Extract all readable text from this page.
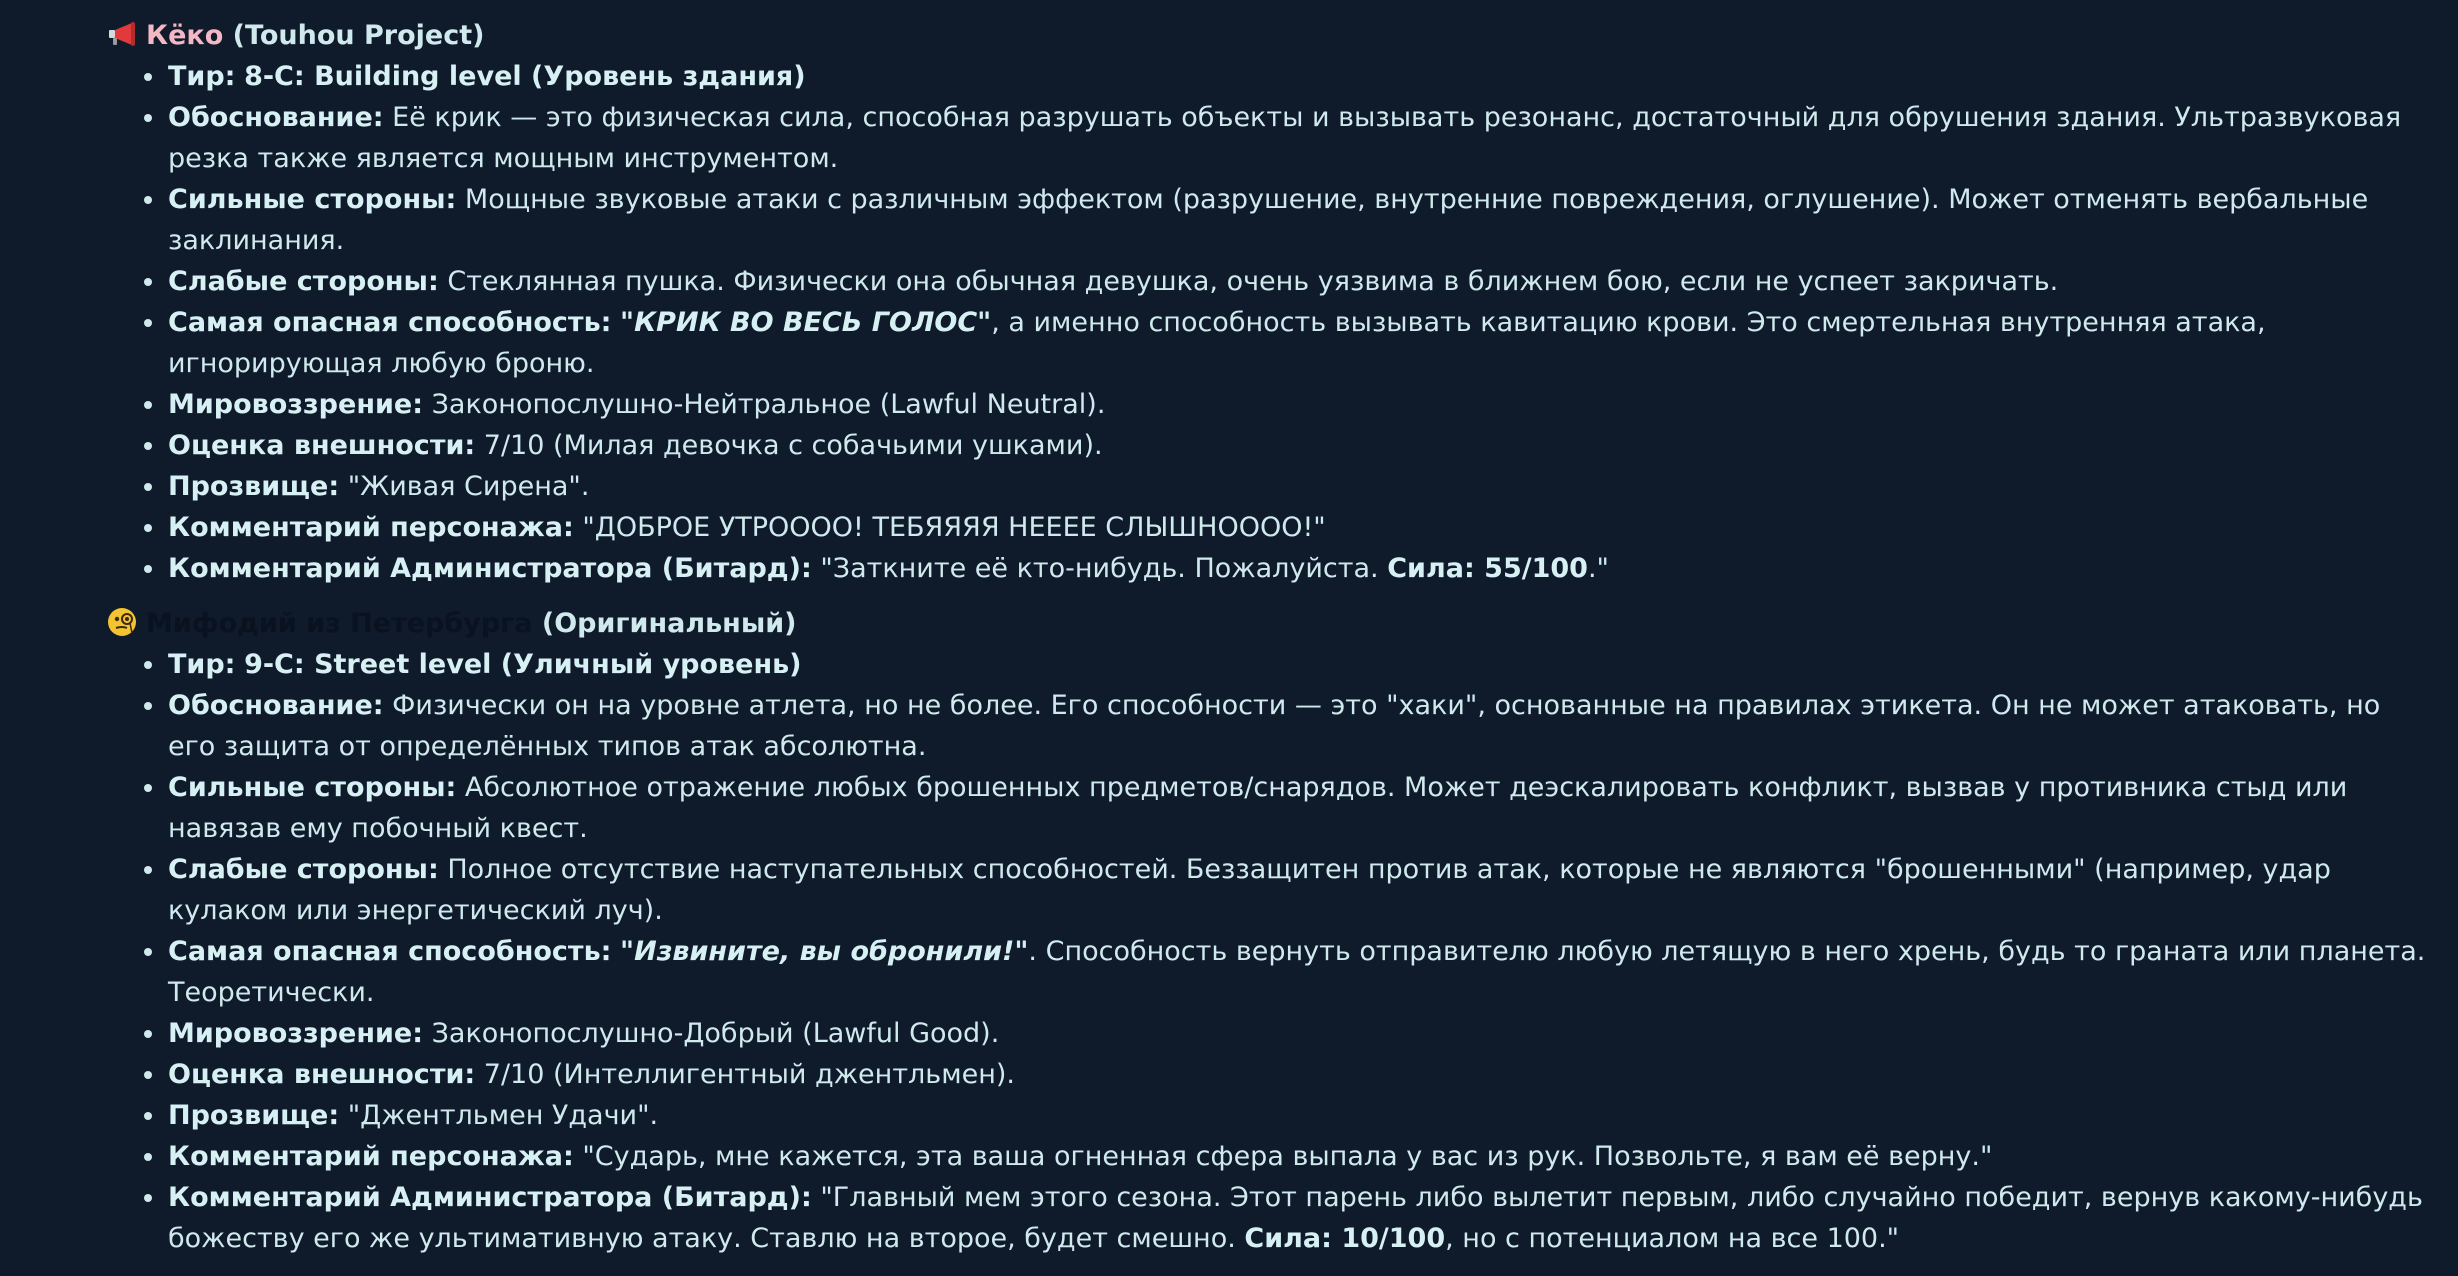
Кёко (Touhou Project)
Тир: 8-C: Building level (Уровень здания)
Обоснование: Её крик — это физическая сила, способная разрушать объекты и вызывать резонанс, достаточный для обрушения здания. Ультразвуковая резка также является мощным инструментом.
Сильные стороны: Мощные звуковые атаки с различным эффектом (разрушение, внутренние повреждения, оглушение). Может отменять вербальные заклинания.
Слабые стороны: Стеклянная пушка. Физически она обычная девушка, очень уязвима в ближнем бою, если не успеет закричать.
Самая опасная способность: "КРИК ВО ВЕСЬ ГОЛОС", а именно способность вызывать кавитацию крови. Это смертельная внутренняя атака, игнорирующая любую броню.
Мировоззрение: Законопослушно-Нейтральное (Lawful Neutral).
Оценка внешности: 7/10 (Милая девочка с собачьими ушками).
Прозвище: "Живая Сирена".
Комментарий персонажа: "ДОБРОЕ УТРОООО! ТЕБЯЯЯЯ НЕЕЕЕ СЛЫШНОООО!"
Комментарий Администратора (Битард): "Заткните её кто-нибудь. Пожалуйста. Сила: 55/100."
Мифодий из Петербурга (Оригинальный)
Тир: 9-C: Street level (Уличный уровень)
Обоснование: Физически он на уровне атлета, но не более. Его способности — это "хаки", основанные на правилах этикета. Он не может атаковать, но его защита от определённых типов атак абсолютна.
Сильные стороны: Абсолютное отражение любых брошенных предметов/снарядов. Может деэскалировать конфликт, вызвав у противника стыд или навязав ему побочный квест.
Слабые стороны: Полное отсутствие наступательных способностей. Беззащитен против атак, которые не являются "брошенными" (например, удар кулаком или энергетический луч).
Самая опасная способность: "Извините, вы обронили!". Способность вернуть отправителю любую летящую в него хрень, будь то граната или планета. Теоретически.
Мировоззрение: Законопослушно-Добрый (Lawful Good).
Оценка внешности: 7/10 (Интеллигентный джентльмен).
Прозвище: "Джентльмен Удачи".
Комментарий персонажа: "Сударь, мне кажется, эта ваша огненная сфера выпала у вас из рук. Позвольте, я вам её верну."
Комментарий Администратора (Битард): "Главный мем этого сезона. Этот парень либо вылетит первым, либо случайно победит, вернув какому-нибудь божеству его же ультимативную атаку. Ставлю на второе, будет смешно. Сила: 10/100, но с потенциалом на все 100."
